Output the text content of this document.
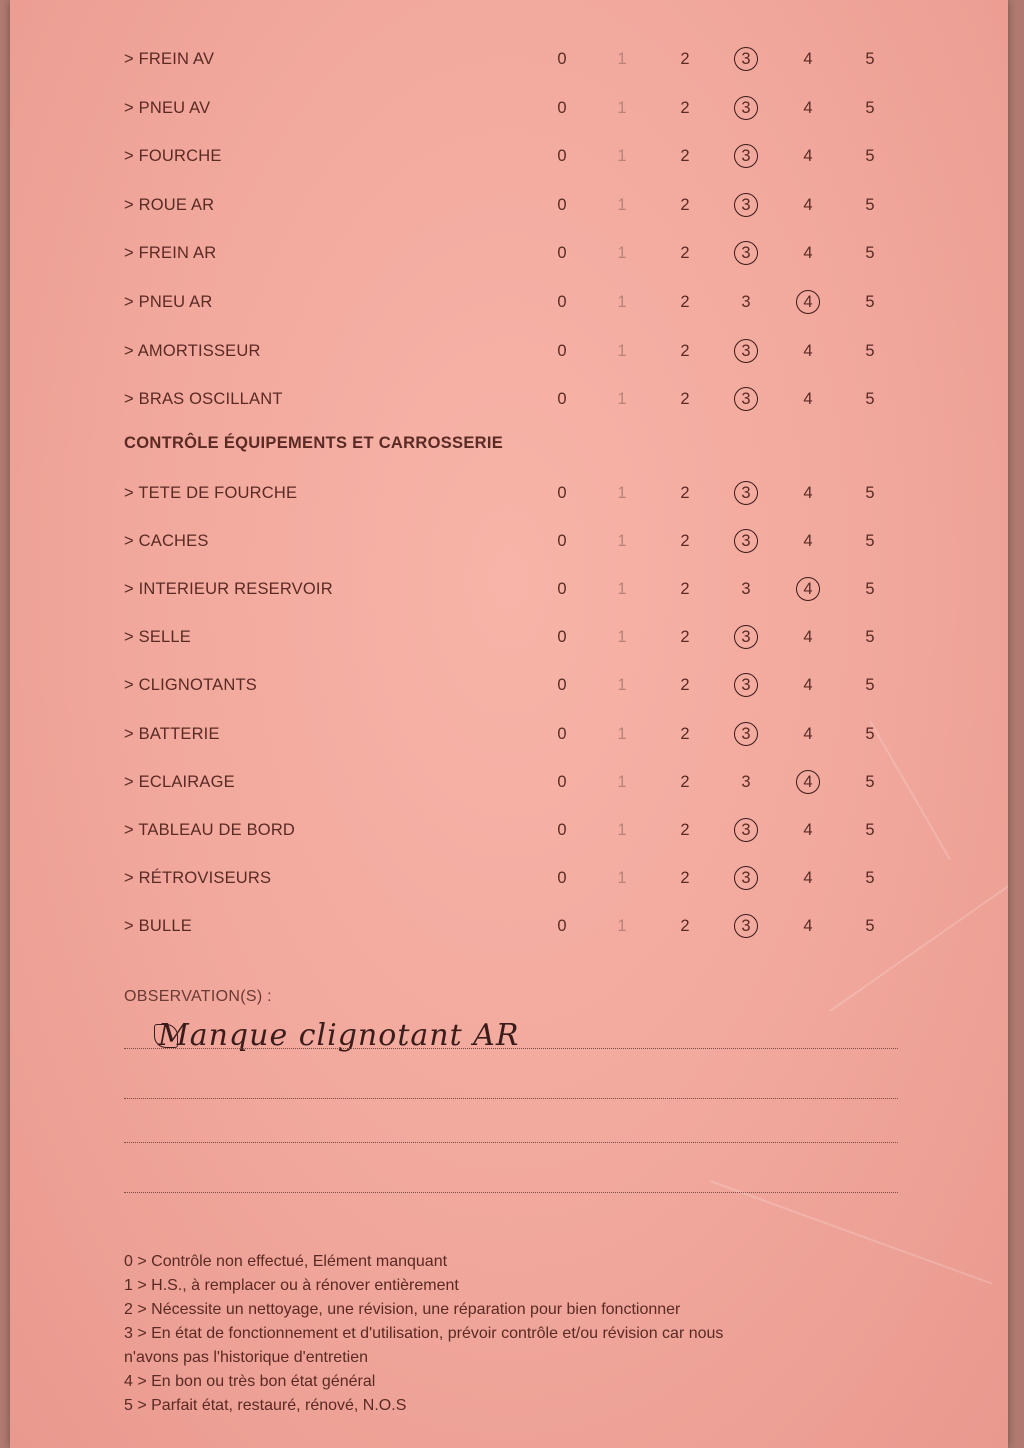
> FREIN AV	0	1	2	3	4	5
> PNEU AV	0	1	2	3	4	5
> FOURCHE	0	1	2	3	4	5
> ROUE AR	0	1	2	3	4	5
> FREIN AR	0	1	2	3	4	5
> PNEU AR	0	1	2	3	4	5
> AMORTISSEUR	0	1	2	3	4	5
> BRAS OSCILLANT	0	1	2	3	4	5
CONTRÔLE ÉQUIPEMENTS ET CARROSSERIE
> TETE DE FOURCHE	0	1	2	3	4	5
> CACHES	0	1	2	3	4	5
> INTERIEUR RESERVOIR	0	1	2	3	4	5
> SELLE	0	1	2	3	4	5
> CLIGNOTANTS	0	1	2	3	4	5
> BATTERIE	0	1	2	3	4	5
> ECLAIRAGE	0	1	2	3	4	5
> TABLEAU DE BORD	0	1	2	3	4	5
> RÉTROVISEURS	0	1	2	3	4	5
> BULLE	0	1	2	3	4	5
OBSERVATION(S) :
Manque clignotant AR
0 > Contrôle non effectué, Elément manquant
1 > H.S., à remplacer ou à rénover entièrement
2 > Nécessite un nettoyage, une révision, une réparation pour bien fonctionner
3 > En état de fonctionnement et d'utilisation, prévoir contrôle et/ou révision car nous
n'avons pas l'historique d'entretien
4 > En bon ou très bon état général
5 > Parfait état, restauré, rénové, N.O.S
